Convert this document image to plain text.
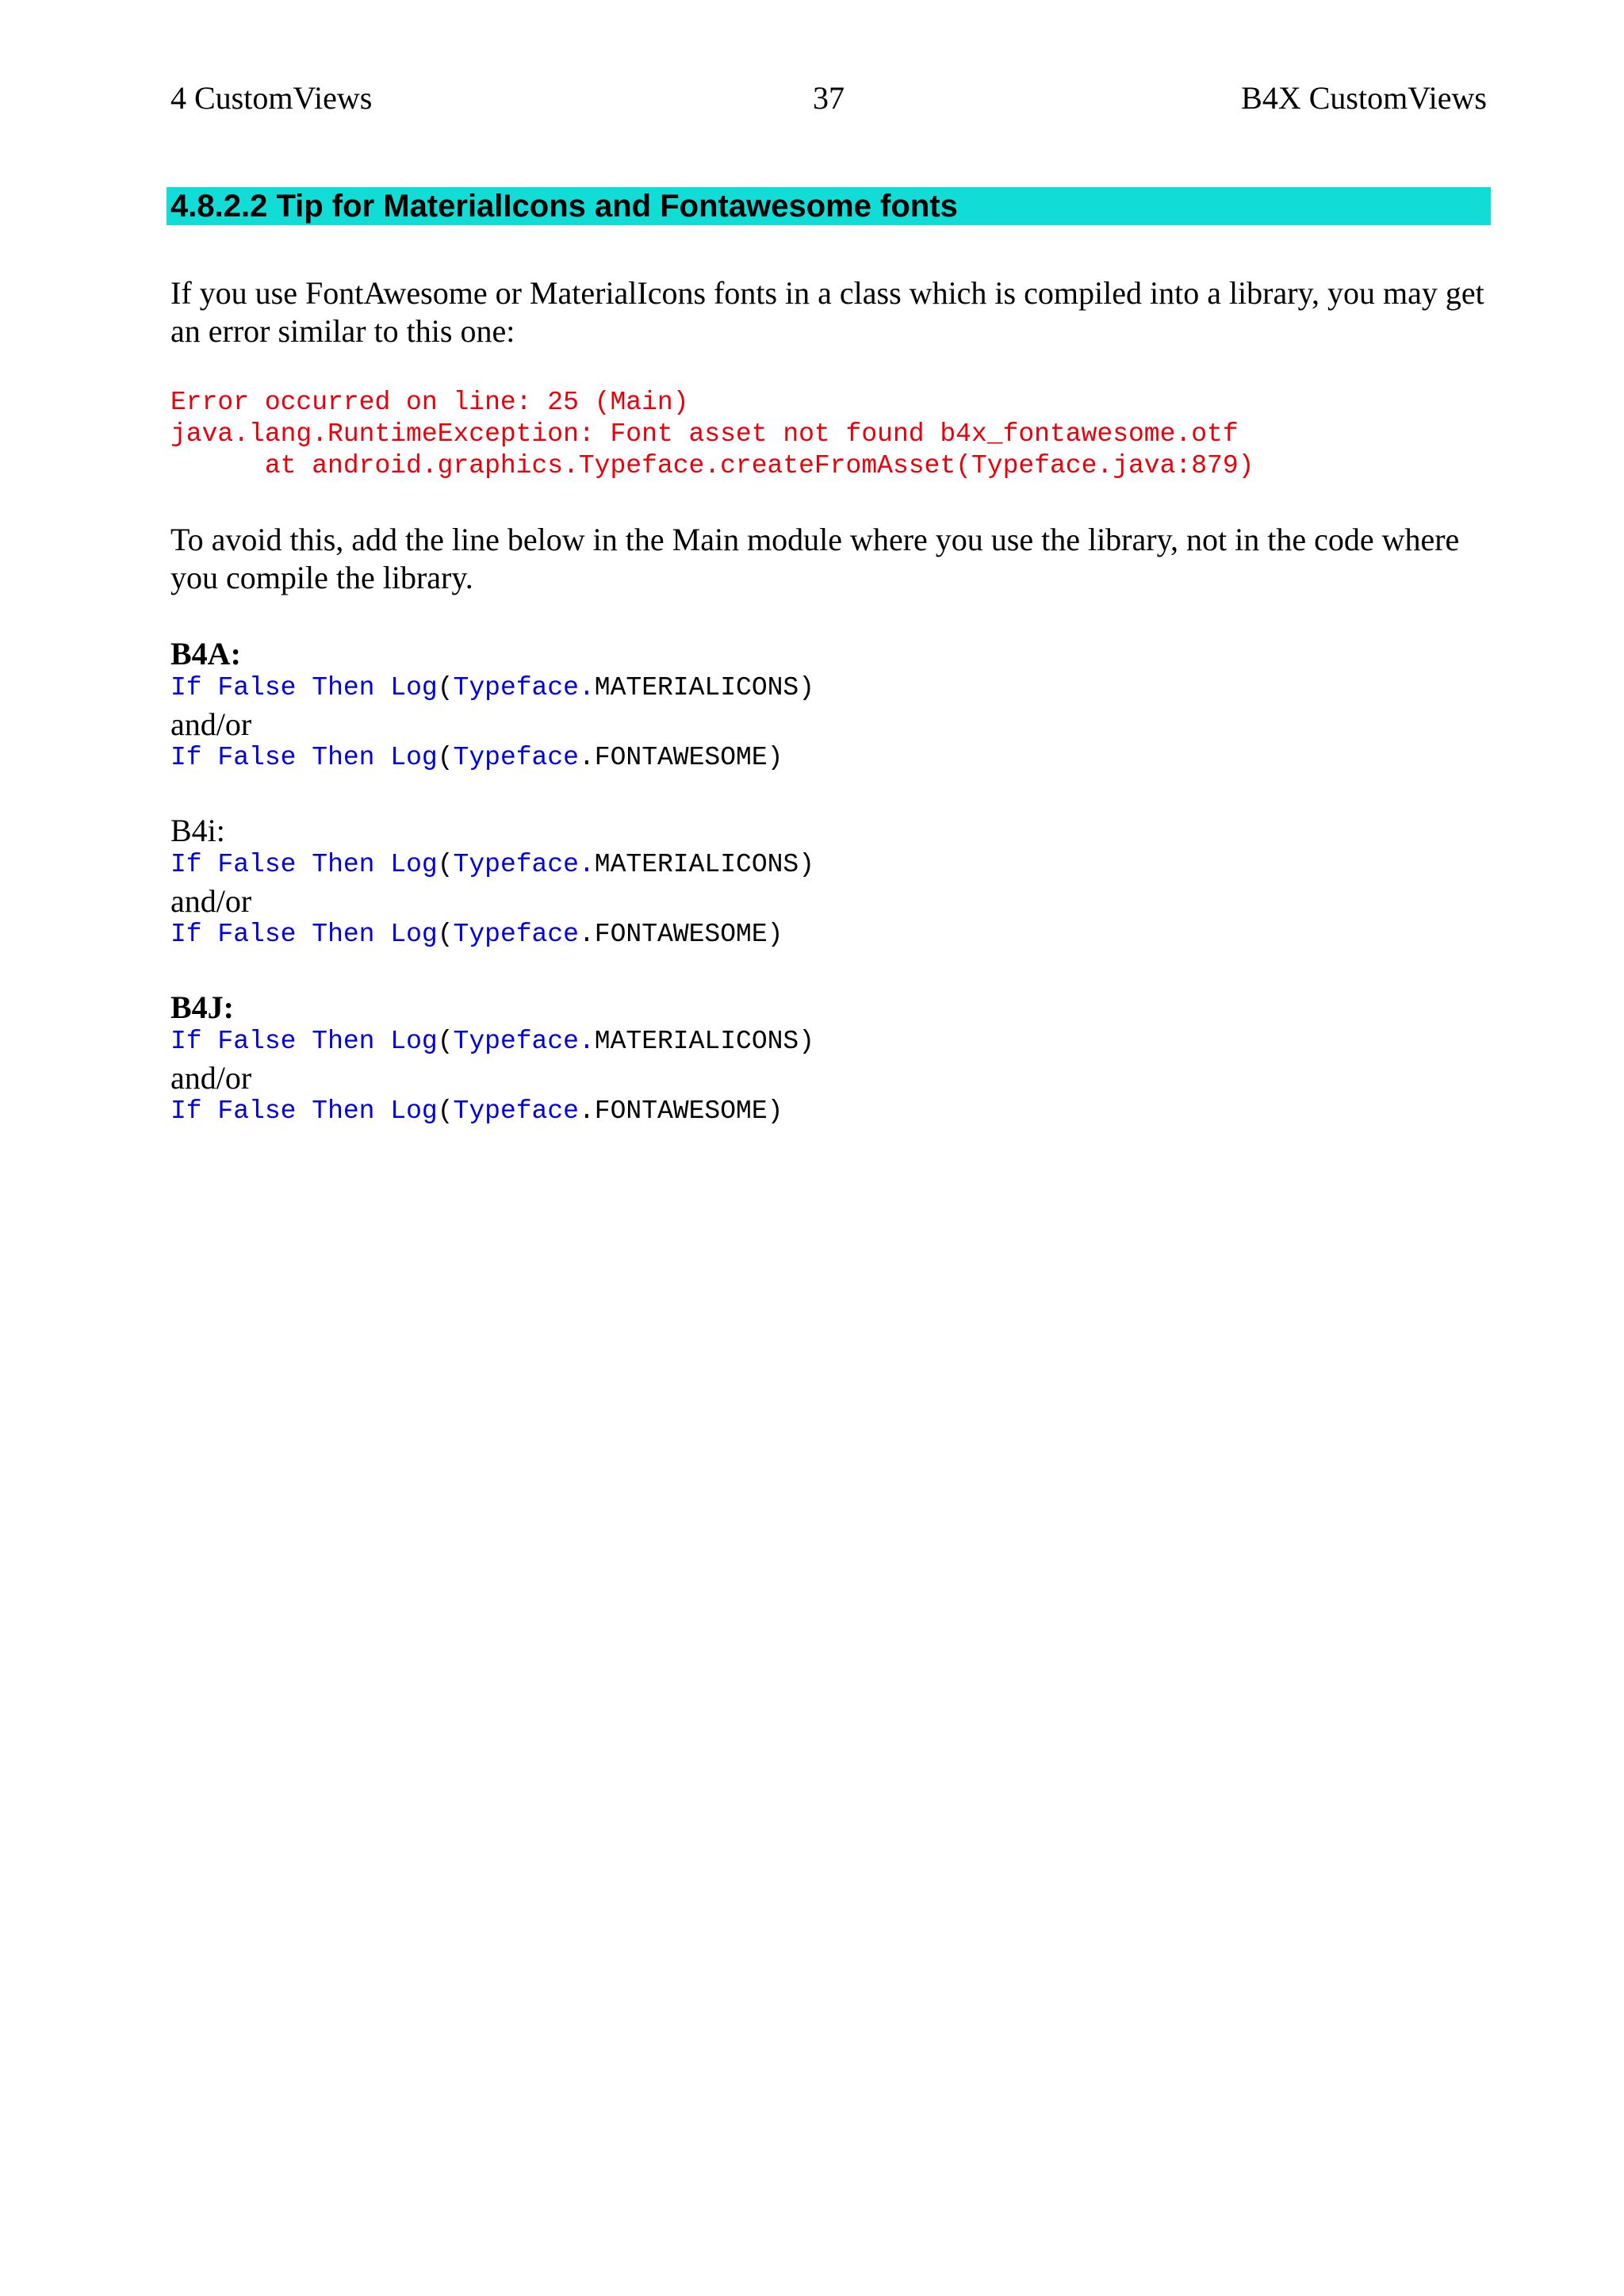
4 CustomViews	37	B4X CustomViews
4.8.2.2 Tip for MaterialIcons and Fontawesome fonts
If you use FontAwesome or MaterialIcons fonts in a class which is compiled into a library, you may get an error similar to this one:
Error occurred on line: 25 (Main)
java.lang.RuntimeException: Font asset not found b4x_fontawesome.otf
at android.graphics.Typeface.createFromAsset(Typeface.java:879)
To avoid this, add the line below in the Main module where you use the library, not in the code where you compile the library.
B4A:
If False Then Log(Typeface.MATERIALICONS)
and/or
If False Then Log(Typeface.FONTAWESOME)
B4i:
If False Then Log(Typeface.MATERIALICONS)
and/or
If False Then Log(Typeface.FONTAWESOME)
B4J:
If False Then Log(Typeface.MATERIALICONS)
and/or
If False Then Log(Typeface.FONTAWESOME)
